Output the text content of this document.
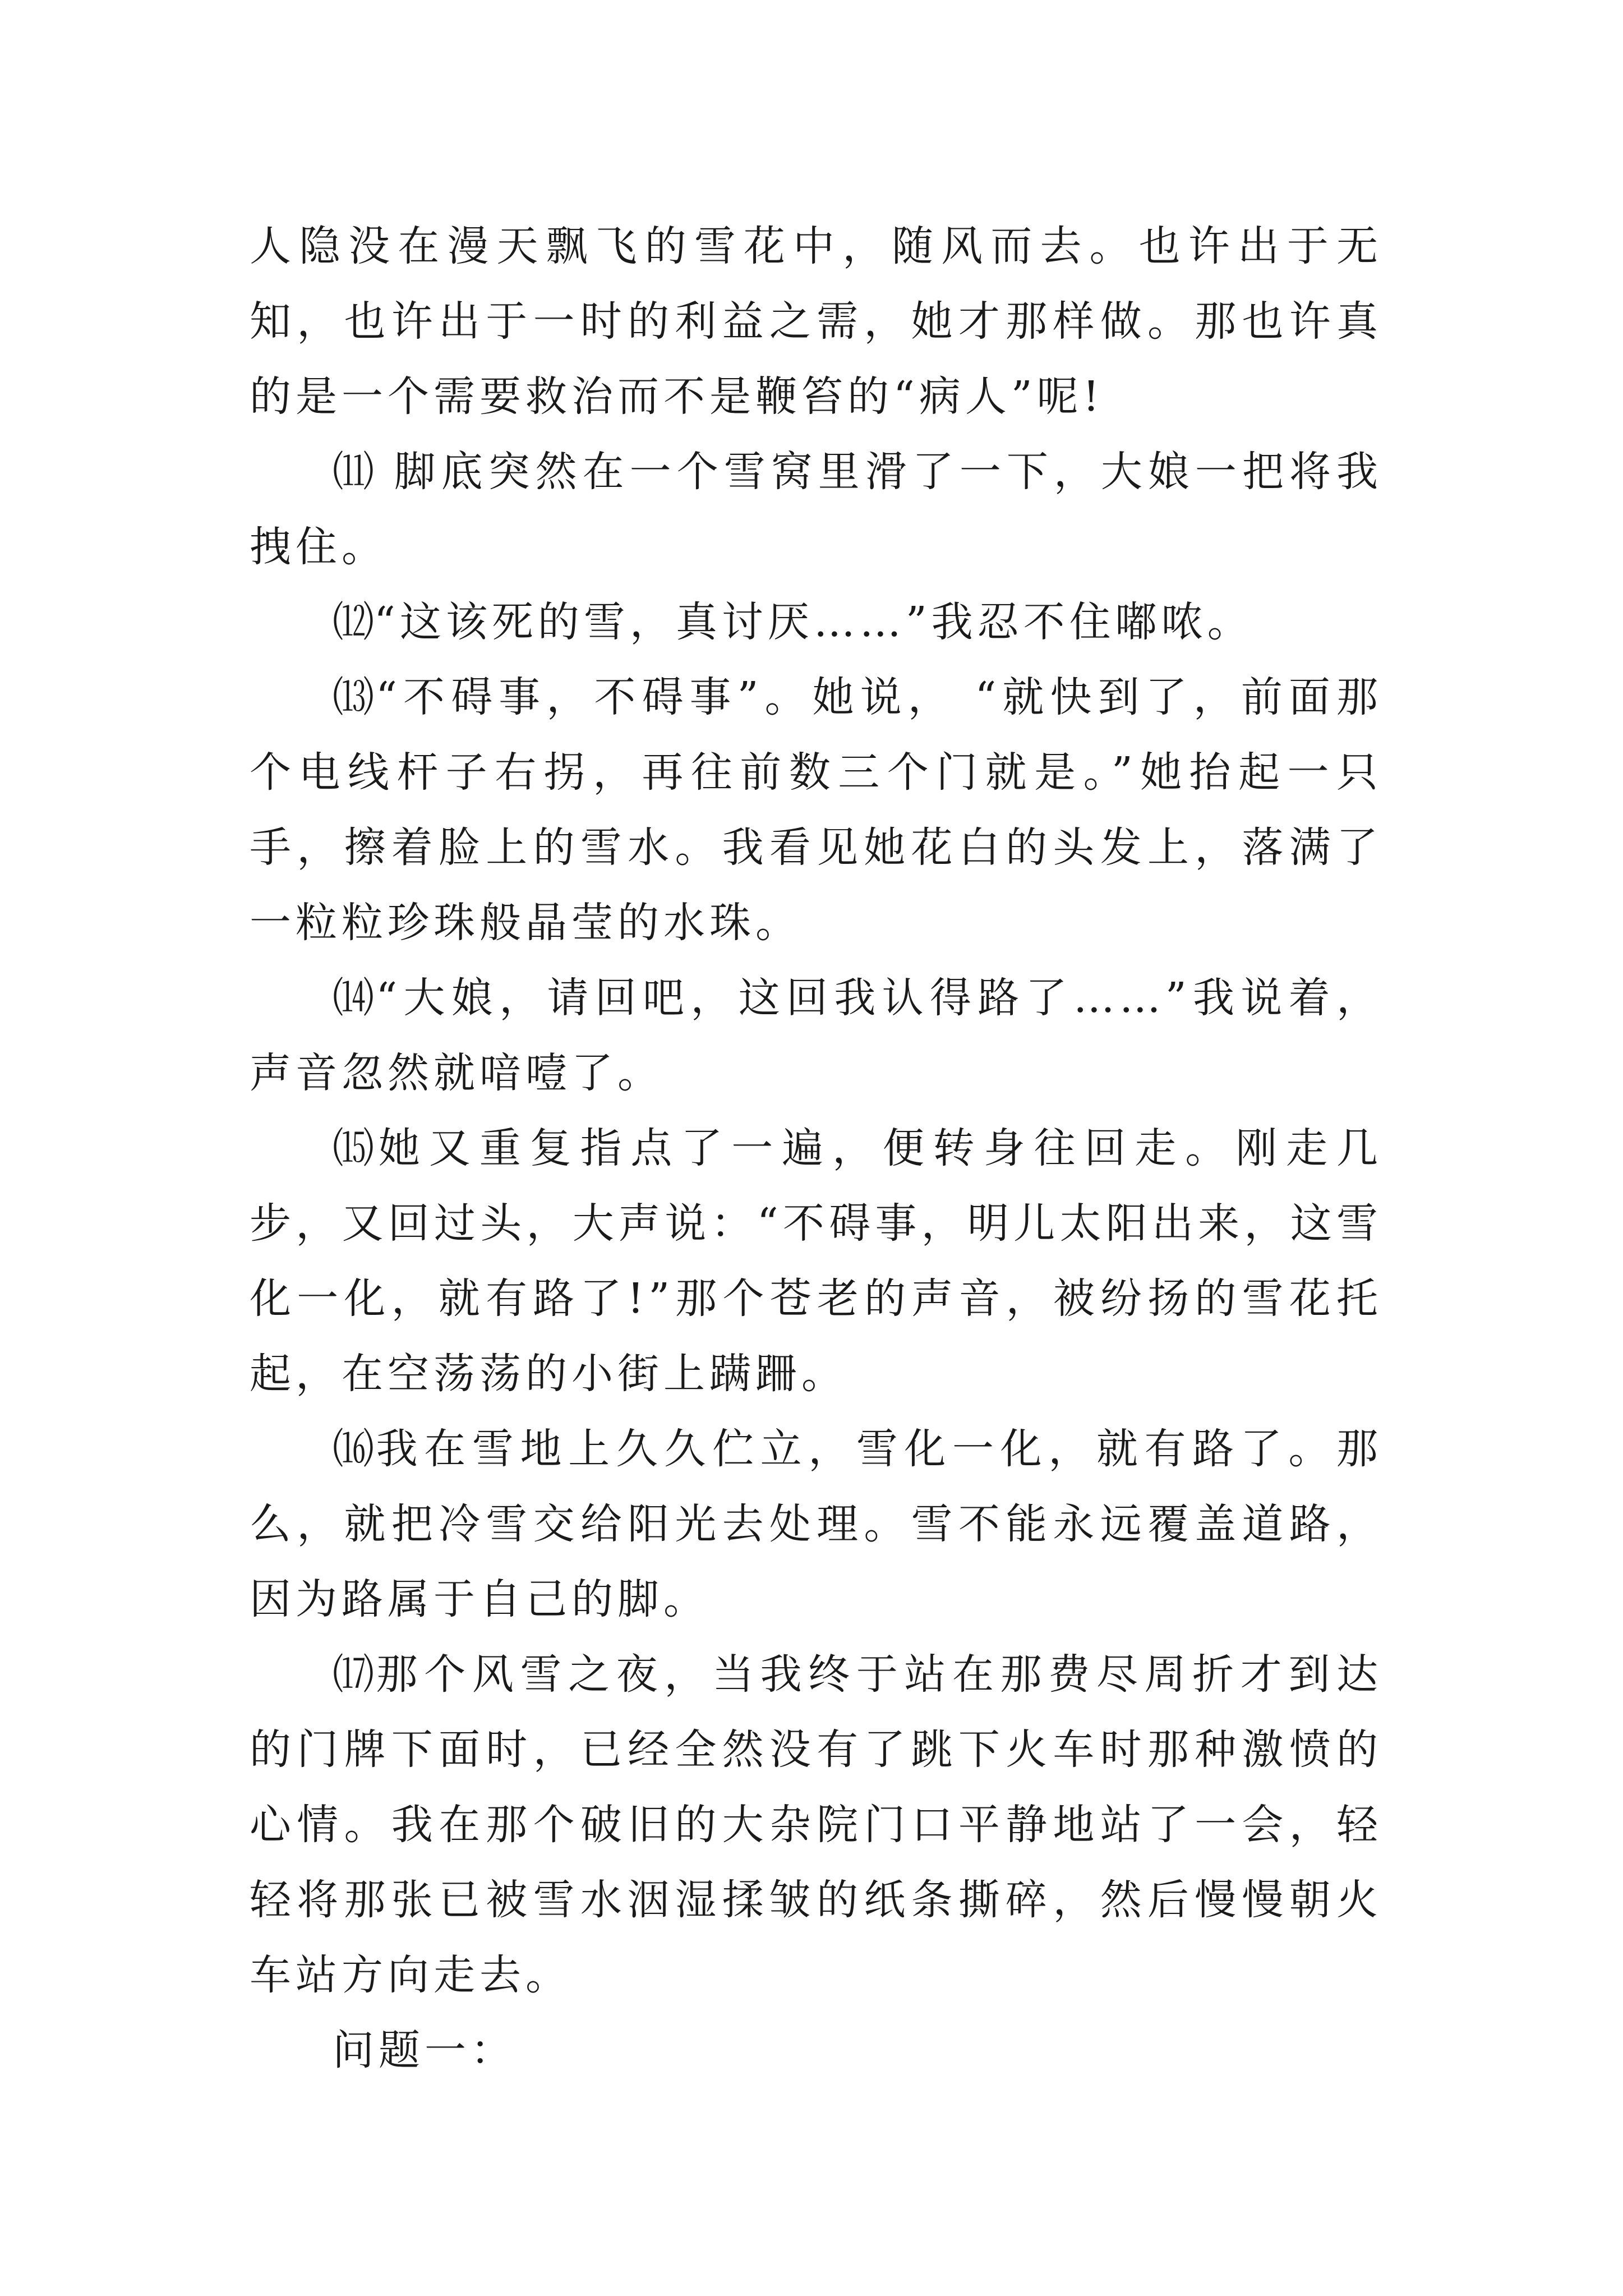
人隐没在漫天飘飞的雪花中，随风而去。也许出于无知，也许出于一时的利益之需，她才那样做。那也许真的是一个需要救治而不是鞭笞的“病人”呢!

⑾ 脚底突然在一个雪窝里滑了一下，大娘一把将我拽住。

⑿“这该死的雪，真讨厌……”我忍不住嘟哝。

⒀“不碍事，不碍事”。她说， “就快到了，前面那个电线杆子右拐，再往前数三个门就是。”她抬起一只手，擦着脸上的雪水。我看见她花白的头发上，落满了一粒粒珍珠般晶莹的水珠。

⒁“大娘，请回吧，这回我认得路了……”我说着，声音忽然就喑噎了。

⒂她又重复指点了一遍，便转身往回走。刚走几步，又回过头，大声说：“不碍事，明儿太阳出来，这雪化一化，就有路了!”那个苍老的声音，被纷扬的雪花托起，在空荡荡的小街上蹒跚。

⒃我在雪地上久久伫立，雪化一化，就有路了。那么，就把冷雪交给阳光去处理。雪不能永远覆盖道路，因为路属于自己的脚。

⒄那个风雪之夜，当我终于站在那费尽周折才到达的门牌下面时，已经全然没有了跳下火车时那种激愤的心情。我在那个破旧的大杂院门口平静地站了一会，轻轻将那张已被雪水洇湿揉皱的纸条撕碎，然后慢慢朝火车站方向走去。

问题一：
